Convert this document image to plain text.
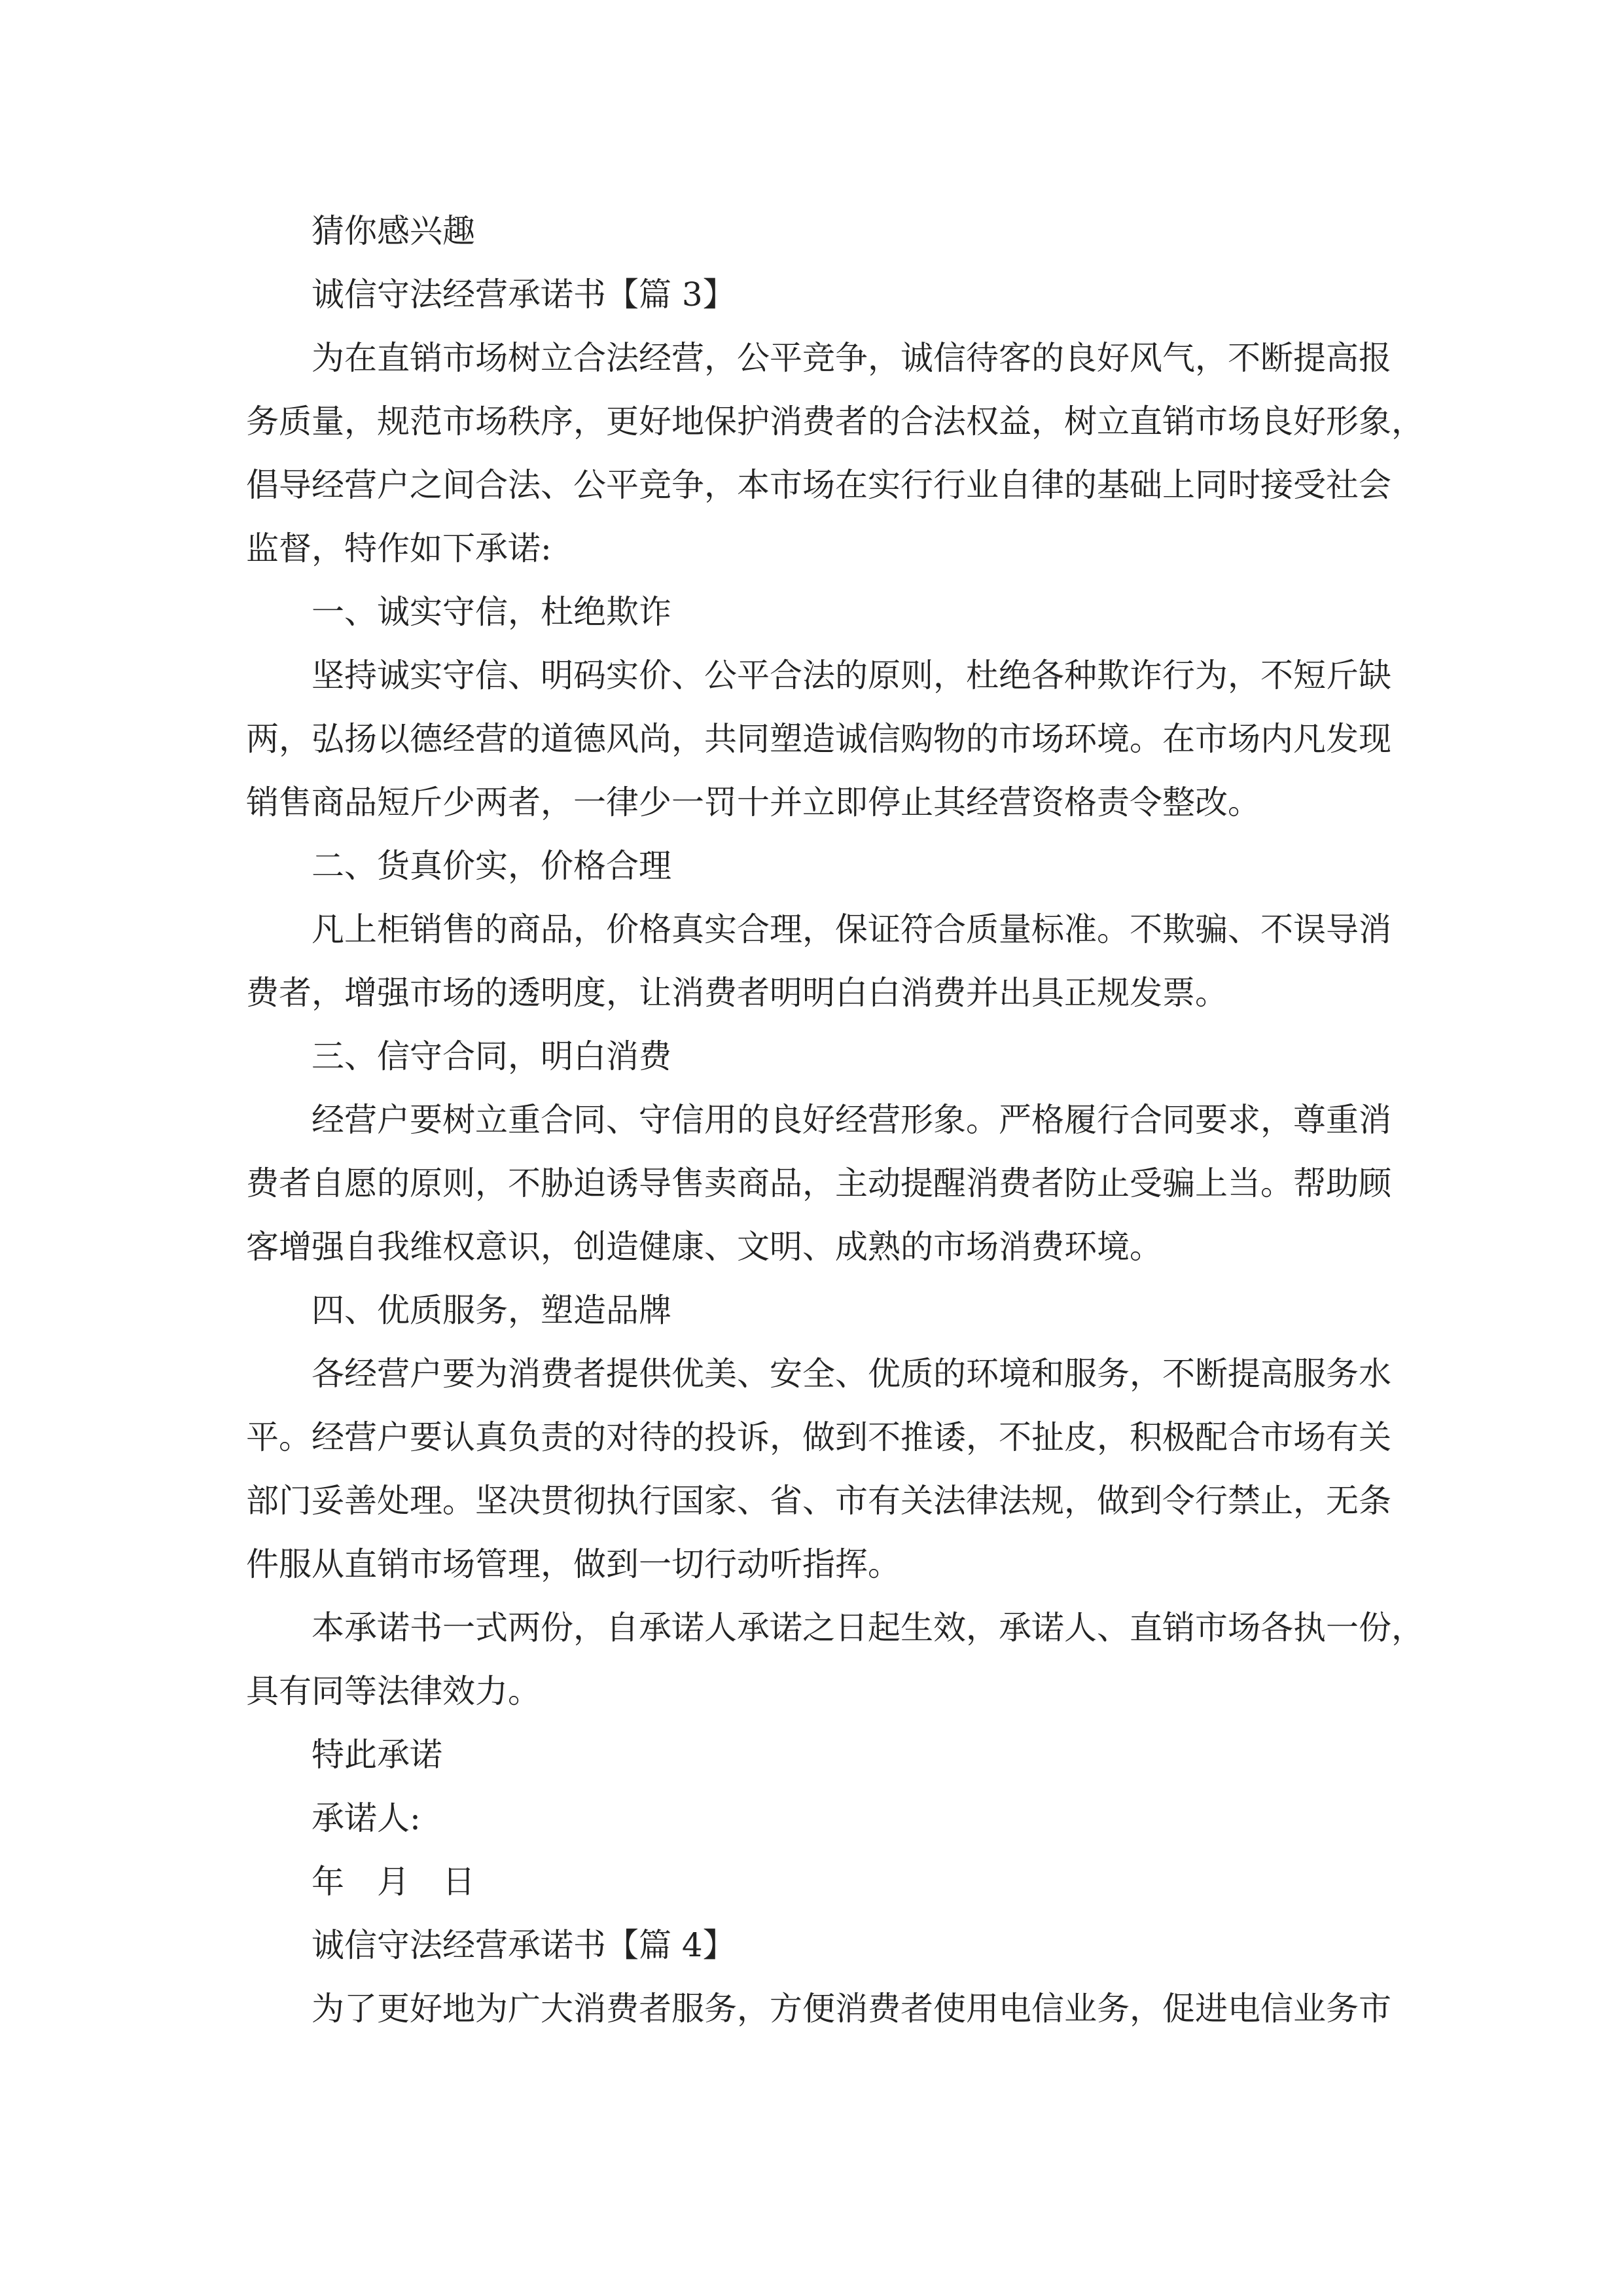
猜你感兴趣
诚信守法经营承诺书【篇 3】
为在直销市场树立合法经营，公平竞争，诚信待客的良好风气，不断提高报
务质量，规范市场秩序，更好地保护消费者的合法权益，树立直销市场良好形象，
倡导经营户之间合法、公平竞争，本市场在实行行业自律的基础上同时接受社会
监督，特作如下承诺:
一、诚实守信，杜绝欺诈
坚持诚实守信、明码实价、公平合法的原则，杜绝各种欺诈行为，不短斤缺
两，弘扬以德经营的道德风尚，共同塑造诚信购物的市场环境。在市场内凡发现
销售商品短斤少两者，一律少一罚十并立即停止其经营资格责令整改。
二、货真价实，价格合理
凡上柜销售的商品，价格真实合理，保证符合质量标准。不欺骗、不误导消
费者，增强市场的透明度，让消费者明明白白消费并出具正规发票。
三、信守合同，明白消费
经营户要树立重合同、守信用的良好经营形象。严格履行合同要求，尊重消
费者自愿的原则，不胁迫诱导售卖商品，主动提醒消费者防止受骗上当。帮助顾
客增强自我维权意识，创造健康、文明、成熟的市场消费环境。
四、优质服务，塑造品牌
各经营户要为消费者提供优美、安全、优质的环境和服务，不断提高服务水
平。经营户要认真负责的对待的投诉，做到不推诿，不扯皮，积极配合市场有关
部门妥善处理。坚决贯彻执行国家、省、市有关法律法规，做到令行禁止，无条
件服从直销市场管理，做到一切行动听指挥。
本承诺书一式两份，自承诺人承诺之日起生效，承诺人、直销市场各执一份，
具有同等法律效力。
特此承诺
承诺人:
年 月 日
诚信守法经营承诺书【篇 4】
为了更好地为广大消费者服务，方便消费者使用电信业务，促进电信业务市
